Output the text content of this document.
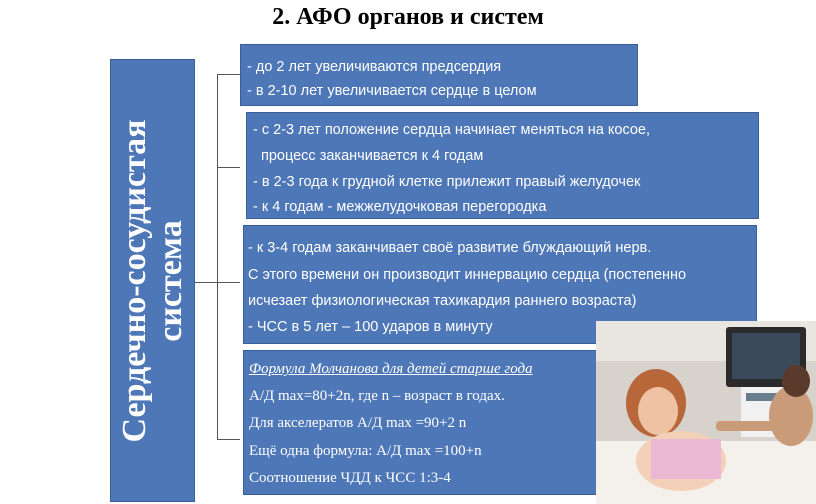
2. АФО органов и систем
Сердечно-сосудистая система
- до 2 лет увеличиваются предсердия
- в 2-10 лет увеличивается сердце в целом
- с 2-3 лет положение сердца начинает меняться на косое,
процесс заканчивается к 4 годам
- в 2-3 года к грудной клетке прилежит правый желудочек
- к 4 годам - межжелудочковая перегородка
- к 3-4 годам заканчивает своё развитие блуждающий нерв.
С этого времени он производит иннервацию сердца (постепенно
исчезает физиологическая тахикардия раннего возраста)
- ЧСС в 5 лет – 100 ударов в минуту
Формула Молчанова для детей старше года
А/Д max=80+2n, где n – возраст в годах.
Для акселератов А/Д max =90+2 n
Ещё одна формула: А/Д max =100+n
Соотношение ЧДД к ЧСС 1:3-4
